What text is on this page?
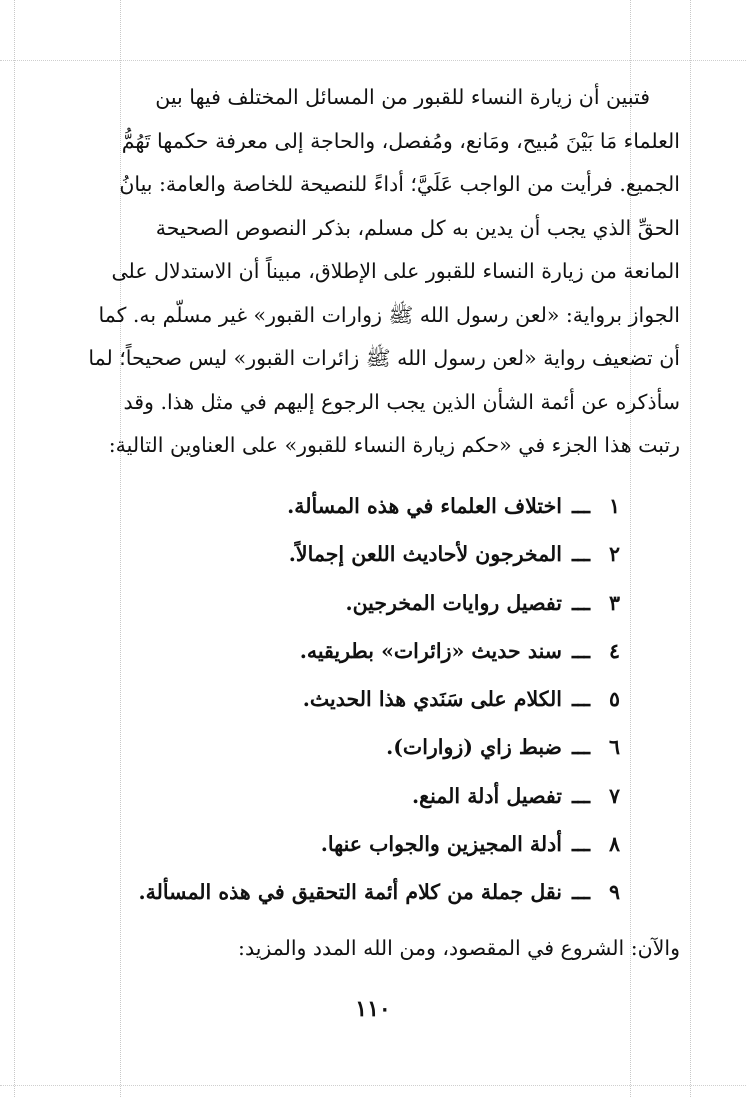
فتبين أن زيارة النساء للقبور من المسائل المختلف فيها بين
العلماء مَا بَيْنَ مُبيح، ومَانع، ومُفصل، والحاجة إلى معرفة حكمها تَهُمُّ
الجميع. فرأيت من الواجب عَلَيَّ؛ أداءً للنصيحة للخاصة والعامة: بيانُ
الحقِّ الذي يجب أن يدين به كل مسلم، بذكر النصوص الصحيحة
المانعة من زيارة النساء للقبور على الإطلاق، مبيناً أن الاستدلال على
الجواز برواية: «لعن رسول الله ﷺ زوارات القبور» غير مسلّم به. كما
أن تضعيف رواية «لعن رسول الله ﷺ زائرات القبور» ليس صحيحاً؛ لما
سأذكره عن أئمة الشأن الذين يجب الرجوع إليهم في مثل هذا. وقد
رتبت هذا الجزء في «حكم زيارة النساء للقبور» على العناوين التالية:
١ـــاختلاف العلماء في هذه المسألة.
٢ـــالمخرجون لأحاديث اللعن إجمالاً.
٣ـــتفصيل روايات المخرجين.
٤ـــسند حديث «زائرات» بطريقيه.
٥ـــالكلام على سَنَدي هذا الحديث.
٦ـــضبط زاي (زوارات).
٧ـــتفصيل أدلة المنع.
٨ـــأدلة المجيزين والجواب عنها.
٩ـــنقل جملة من كلام أئمة التحقيق في هذه المسألة.

والآن: الشروع في المقصود، ومن الله المدد والمزيد:

١١٠
